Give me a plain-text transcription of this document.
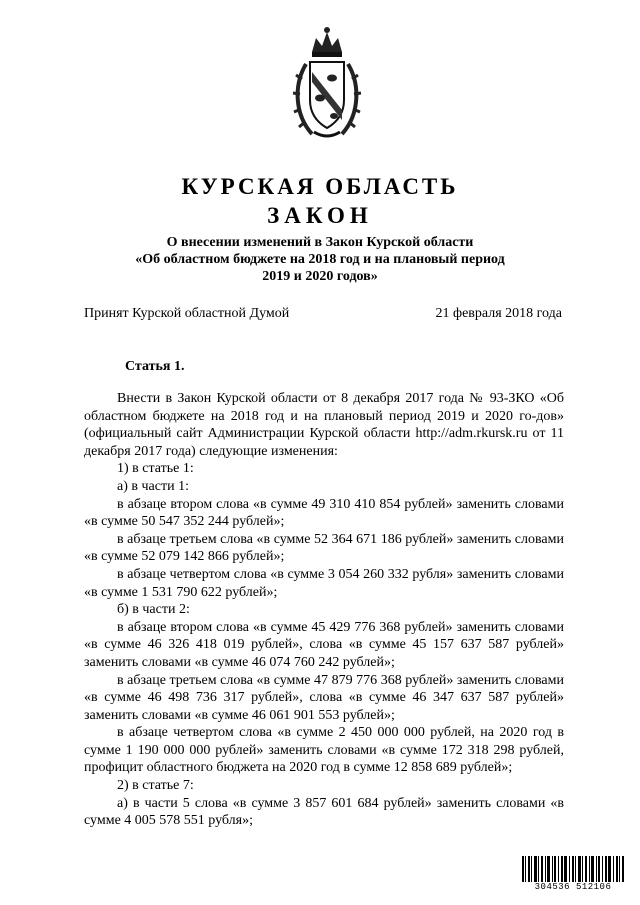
КУРСКАЯ ОБЛАСТЬ
ЗАКОН
О внесении изменений в Закон Курской области
«Об областном бюджете на 2018 год и на плановый период
2019 и 2020 годов»
Принят Курской областной Думой	21 февраля 2018 года
Статья 1.

Внести в Закон Курской области от 8 декабря 2017 года № 93-ЗКО «Об областном бюджете на 2018 год и на плановый период 2019 и 2020 го-дов» (официальный сайт Администрации Курской области http://adm.rkursk.ru от 11 декабря 2017 года) следующие изменения:

1) в статье 1:

а) в части 1:

в абзаце втором слова «в сумме 49 310 410 854 рублей» заменить словами «в сумме 50 547 352 244 рублей»;

в абзаце третьем слова «в сумме 52 364 671 186 рублей» заменить словами «в сумме 52 079 142 866 рублей»;

в абзаце четвертом слова «в сумме 3 054 260 332 рубля» заменить словами «в сумме 1 531 790 622 рублей»;

б) в части 2:

в абзаце втором слова «в сумме 45 429 776 368 рублей» заменить словами «в сумме 46 326 418 019 рублей», слова «в сумме 45 157 637 587 рублей» заменить словами «в сумме 46 074 760 242 рублей»;

в абзаце третьем слова «в сумме 47 879 776 368 рублей» заменить словами «в сумме 46 498 736 317 рублей», слова «в сумме 46 347 637 587 рублей» заменить словами «в сумме 46 061 901 553 рублей»;

в абзаце четвертом слова «в сумме 2 450 000 000 рублей, на 2020 год в сумме 1 190 000 000 рублей» заменить словами «в сумме 172 318 298 рублей, профицит областного бюджета на 2020 год в сумме 12 858 689 рублей»;

2) в статье 7:

а) в части 5 слова «в сумме 3 857 601 684 рублей» заменить словами «в сумме 4 005 578 551 рубля»;

304536 512106
